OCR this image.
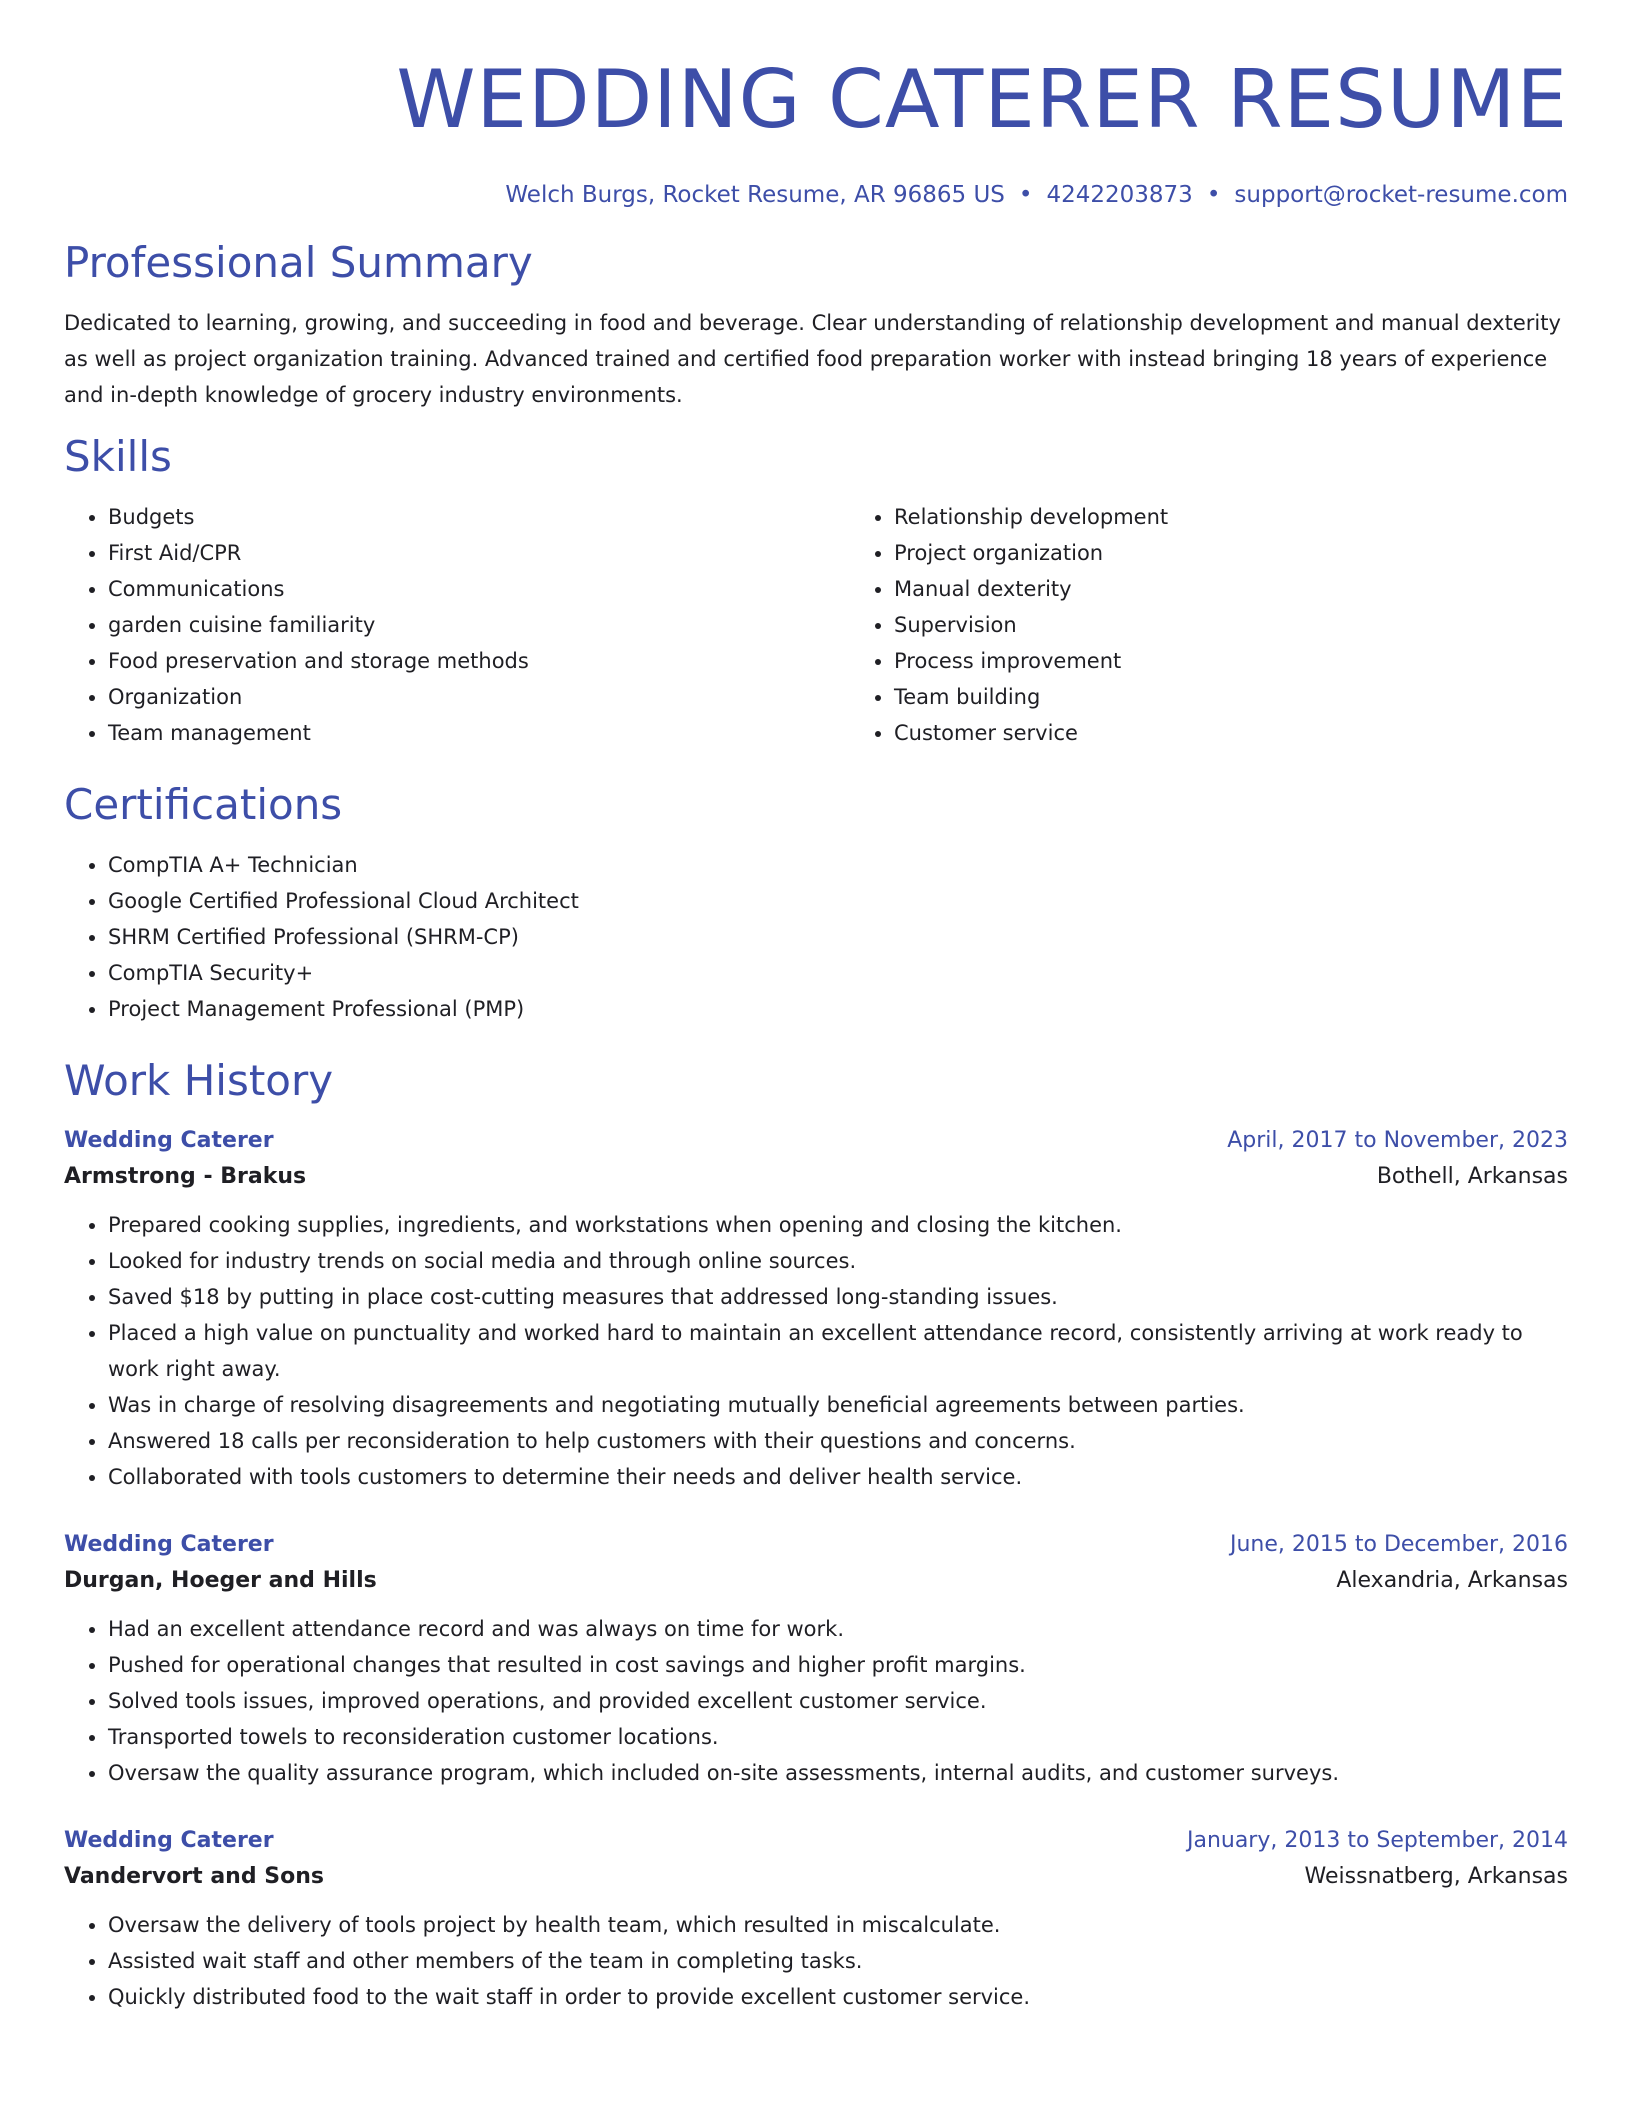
WEDDING CATERER RESUME
Welch Burgs, Rocket Resume, AR 96865 US • 4242203873 • support@rocket-resume.com
Professional Summary

Dedicated to learning, growing, and succeeding in food and beverage. Clear understanding of relationship development and manual dexterity as well as project organization training. Advanced trained and certified food preparation worker with instead bringing 18 years of experience and in-depth knowledge of grocery industry environments.

Skills
• Budgets
• First Aid/CPR
• Communications
• garden cuisine familiarity
• Food preservation and storage methods
• Organization
• Team management
• Relationship development
• Project organization
• Manual dexterity
• Supervision
• Process improvement
• Team building
• Customer service
Certifications
• CompTIA A+ Technician
• Google Certified Professional Cloud Architect
• SHRM Certified Professional (SHRM-CP)
• CompTIA Security+
• Project Management Professional (PMP)
Work History
Wedding Caterer	April, 2017 to November, 2023
Armstrong - Brakus	Bothell, Arkansas
• Prepared cooking supplies, ingredients, and workstations when opening and closing the kitchen.
• Looked for industry trends on social media and through online sources.
• Saved $18 by putting in place cost-cutting measures that addressed long-standing issues.
• Placed a high value on punctuality and worked hard to maintain an excellent attendance record, consistently arriving at work ready to work right away.
• Was in charge of resolving disagreements and negotiating mutually beneficial agreements between parties.
• Answered 18 calls per reconsideration to help customers with their questions and concerns.
• Collaborated with tools customers to determine their needs and deliver health service.
Wedding Caterer	June, 2015 to December, 2016
Durgan, Hoeger and Hills	Alexandria, Arkansas
• Had an excellent attendance record and was always on time for work.
• Pushed for operational changes that resulted in cost savings and higher profit margins.
• Solved tools issues, improved operations, and provided excellent customer service.
• Transported towels to reconsideration customer locations.
• Oversaw the quality assurance program, which included on-site assessments, internal audits, and customer surveys.
Wedding Caterer	January, 2013 to September, 2014
Vandervort and Sons	Weissnatberg, Arkansas
• Oversaw the delivery of tools project by health team, which resulted in miscalculate.
• Assisted wait staff and other members of the team in completing tasks.
• Quickly distributed food to the wait staff in order to provide excellent customer service.
